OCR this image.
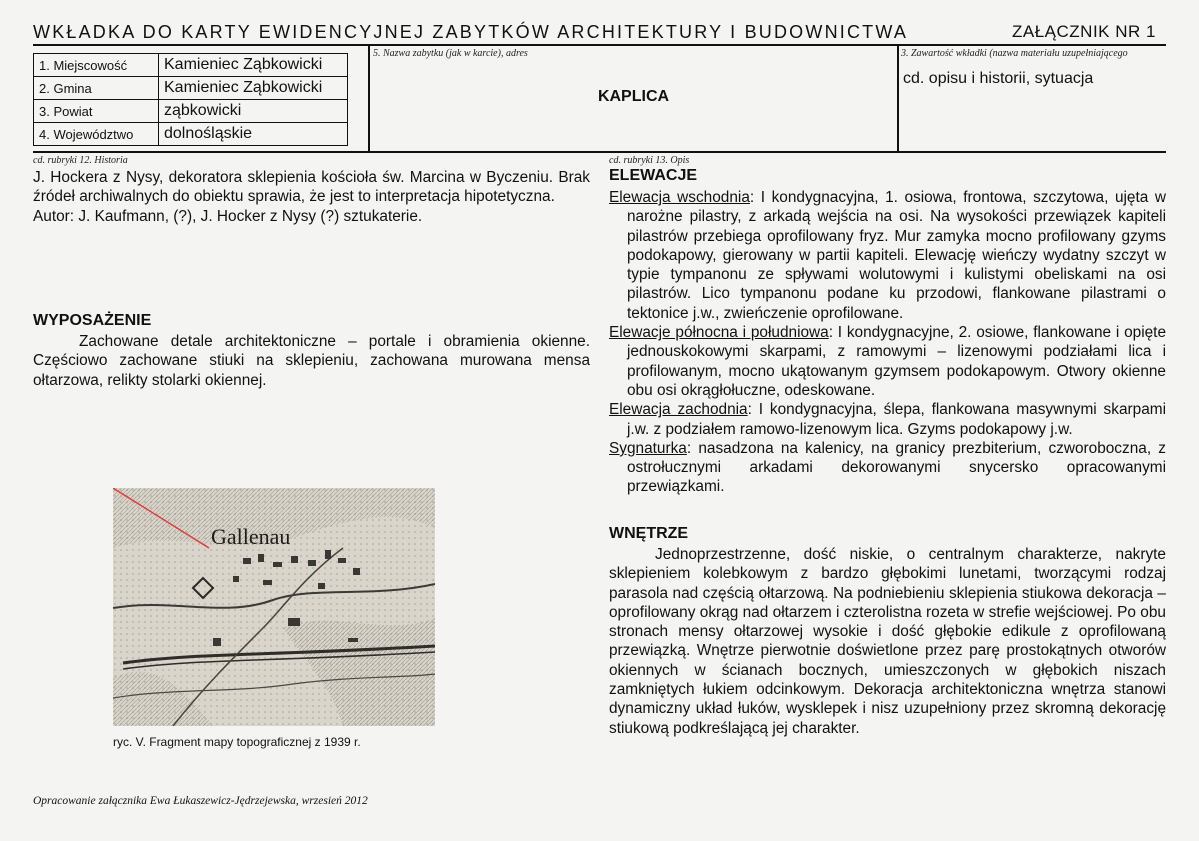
WKŁADKA DO KARTY EWIDENCYJNEJ ZABYTKÓW ARCHITEKTURY I BUDOWNICTWA	ZAŁĄCZNIK NR 1
1. Miejscowość	Kamieniec Ząbkowicki
2. Gmina	Kamieniec Ząbkowicki
3. Powiat	ząbkowicki
4. Województwo	dolnośląskie
5. Nazwa zabytku (jak w karcie), adres
KAPLICA
3. Zawartość wkładki (nazwa materiału uzupełniającego
cd. opisu i historii, sytuacja
cd. rubryki 12. Historia

J. Hockera z Nysy, dekoratora sklepienia kościoła św. Marcina w Byczeniu. Brak źródeł archiwalnych do obiektu sprawia, że jest to interpretacja hipotetyczna.

Autor: J. Kaufmann, (?), J. Hocker z Nysy (?) sztukaterie.

WYPOSAŻENIE

Zachowane detale architektoniczne – portale i obramienia okienne. Częściowo zachowane stiuki na sklepieniu, zachowana murowana mensa ołtarzowa, relikty stolarki okiennej.

Gallenau
ryc. V. Fragment mapy topograficznej z 1939 r.
cd. rubryki 13. Opis
ELEWACJE

Elewacja wschodnia: I kondygnacyjna, 1. osiowa, frontowa, szczytowa, ujęta w narożne pilastry, z arkadą wejścia na osi. Na wysokości przewiązek kapiteli pilastrów przebiega oprofilowany fryz. Mur zamyka mocno profilowany gzyms podokapowy, gierowany w partii kapiteli. Elewację wieńczy wydatny szczyt w typie tympanonu ze spływami wolutowymi i kulistymi obeliskami na osi pilastrów. Lico tympanonu podane ku przodowi, flankowane pilastrami o tektonice j.w., zwieńczenie oprofilowane.

Elewacje północna i południowa: I kondygnacyjne, 2. osiowe, flankowane i opięte jednouskokowymi skarpami, z ramowymi – lizenowymi podziałami lica i profilowanym, mocno ukątowanym gzymsem podokapowym. Otwory okienne obu osi okrągłołuczne, odeskowane.

Elewacja zachodnia: I kondygnacyjna, ślepa, flankowana masywnymi skarpami j.w. z podziałem ramowo-lizenowym lica. Gzyms podokapowy j.w.

Sygnaturka: nasadzona na kalenicy, na granicy prezbiterium, czworoboczna, z ostrołucznymi arkadami dekorowanymi snycersko opracowanymi przewiązkami.

WNĘTRZE

Jednoprzestrzenne, dość niskie, o centralnym charakterze, nakryte sklepieniem kolebkowym z bardzo głębokimi lunetami, tworzącymi rodzaj parasola nad częścią ołtarzową. Na podniebieniu sklepienia stiukowa dekoracja – oprofilowany okrąg nad ołtarzem i czterolistna rozeta w strefie wejściowej. Po obu stronach mensy ołtarzowej wysokie i dość głębokie edikule z oprofilowaną przewiązką. Wnętrze pierwotnie doświetlone przez parę prostokątnych otworów okiennych w ścianach bocznych, umieszczonych w głębokich niszach zamkniętych łukiem odcinkowym. Dekoracja architektoniczna wnętrza stanowi dynamiczny układ łuków, wysklepek i nisz uzupełniony przez skromną dekorację stiukową podkreślającą jej charakter.

Opracowanie załącznika Ewa Łukaszewicz-Jędrzejewska, wrzesień 2012
